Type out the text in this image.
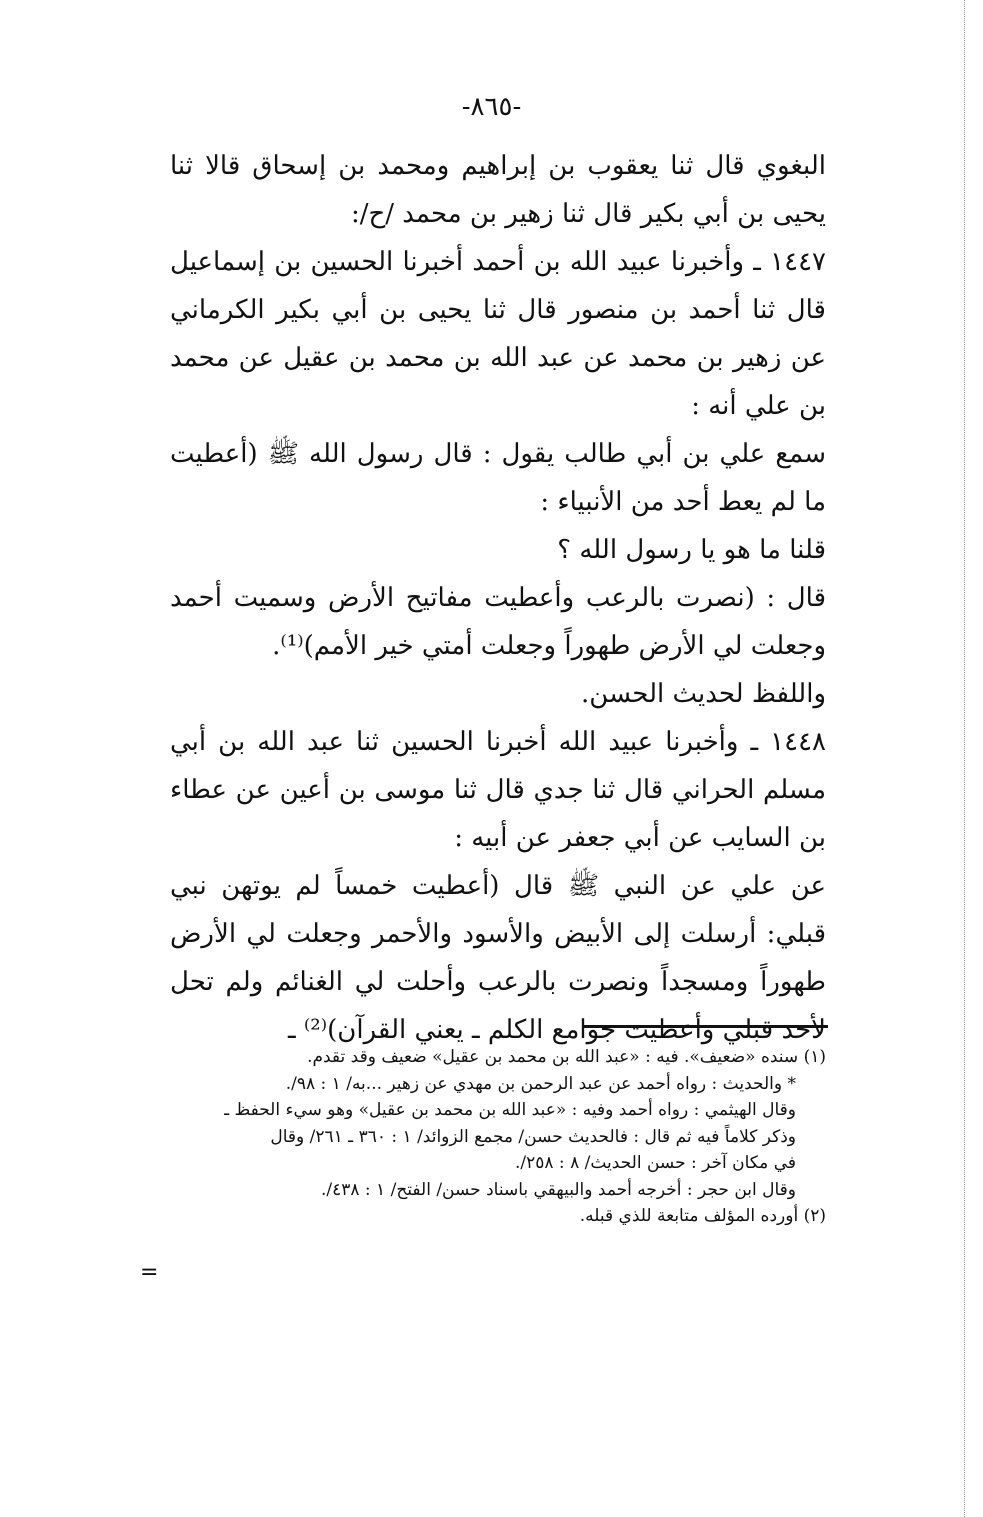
-٨٦٥-

البغوي قال ثنا يعقوب بن إبراهيم ومحمد بن إسحاق قالا ثنا يحيى بن أبي بكير قال ثنا زهير بن محمد /ح/:

١٤٤٧ ـ وأخبرنا عبيد الله بن أحمد أخبرنا الحسين بن إسماعيل قال ثنا أحمد بن منصور قال ثنا يحيى بن أبي بكير الكرماني عن زهير بن محمد عن عبد الله بن محمد بن عقيل عن محمد بن علي أنه :

سمع علي بن أبي طالب يقول : قال رسول الله ﷺ (أعطيت ما لم يعط أحد من الأنبياء :

قلنا ما هو يا رسول الله ؟

قال : (نصرت بالرعب وأعطيت مفاتيح الأرض وسميت أحمد وجعلت لي الأرض طهوراً وجعلت أمتي خير الأمم)⁽¹⁾.

واللفظ لحديث الحسن.

١٤٤٨ ـ وأخبرنا عبيد الله أخبرنا الحسين ثنا عبد الله بن أبي مسلم الحراني قال ثنا جدي قال ثنا موسى بن أعين عن عطاء بن السايب عن أبي جعفر عن أبيه :

عن علي عن النبي ﷺ قال (أعطيت خمساً لم يوتهن نبي قبلي: أرسلت إلى الأبيض والأسود والأحمر وجعلت لي الأرض طهوراً ومسجداً ونصرت بالرعب وأحلت لي الغنائم ولم تحل لأحد قبلي وأعطيت جوامع الكلم ـ يعني القرآن)⁽²⁾ ـ

(١) سنده «ضعيف». فيه : «عبد الله بن محمد بن عقيل» ضعيف وقد تقدم.

* والحديث : رواه أحمد عن عبد الرحمن بن مهدي عن زهير ...به/ ١ : ٩٨/.

وقال الهيثمي : رواه أحمد وفيه : «عبد الله بن محمد بن عقيل» وهو سيء الحفظ ـ

وذكر كلاماً فيه ثم قال : فالحديث حسن/ مجمع الزوائد/ ١ : ٣٦٠ ـ ٢٦١/ وقال

في مكان آخر : حسن الحديث/ ٨ : ٢٥٨/.

وقال ابن حجر : أخرجه أحمد والبيهقي باسناد حسن/ الفتح/ ١ : ٤٣٨/.

(٢) أورده المؤلف متابعة للذي قبله.

=
